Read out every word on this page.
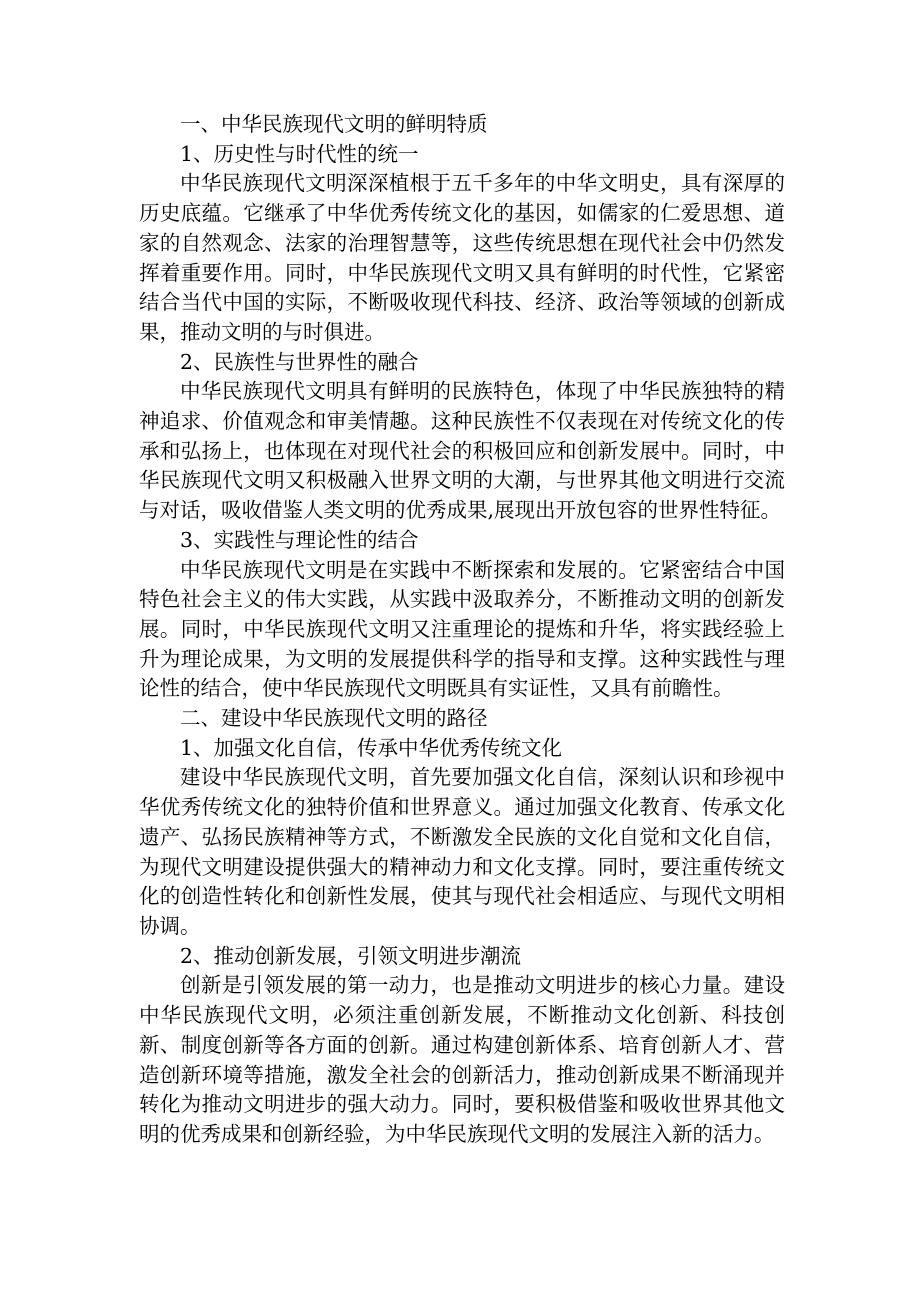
一、中华民族现代文明的鲜明特质

1、历史性与时代性的统一

中华民族现代文明深深植根于五千多年的中华文明史，具有深厚的历史底蕴。它继承了中华优秀传统文化的基因，如儒家的仁爱思想、道家的自然观念、法家的治理智慧等，这些传统思想在现代社会中仍然发挥着重要作用。同时，中华民族现代文明又具有鲜明的时代性，它紧密结合当代中国的实际，不断吸收现代科技、经济、政治等领域的创新成果，推动文明的与时俱进。

2、民族性与世界性的融合

中华民族现代文明具有鲜明的民族特色，体现了中华民族独特的精神追求、价值观念和审美情趣。这种民族性不仅表现在对传统文化的传承和弘扬上，也体现在对现代社会的积极回应和创新发展中。同时，中华民族现代文明又积极融入世界文明的大潮，与世界其他文明进行交流与对话，吸收借鉴人类文明的优秀成果,展现出开放包容的世界性特征。

3、实践性与理论性的结合

中华民族现代文明是在实践中不断探索和发展的。它紧密结合中国特色社会主义的伟大实践，从实践中汲取养分，不断推动文明的创新发展。同时，中华民族现代文明又注重理论的提炼和升华，将实践经验上升为理论成果，为文明的发展提供科学的指导和支撑。这种实践性与理论性的结合，使中华民族现代文明既具有实证性，又具有前瞻性。

二、建设中华民族现代文明的路径

1、加强文化自信，传承中华优秀传统文化

建设中华民族现代文明，首先要加强文化自信，深刻认识和珍视中华优秀传统文化的独特价值和世界意义。通过加强文化教育、传承文化遗产、弘扬民族精神等方式，不断激发全民族的文化自觉和文化自信，为现代文明建设提供强大的精神动力和文化支撑。同时，要注重传统文化的创造性转化和创新性发展，使其与现代社会相适应、与现代文明相协调。

2、推动创新发展，引领文明进步潮流

创新是引领发展的第一动力，也是推动文明进步的核心力量。建设中华民族现代文明，必须注重创新发展，不断推动文化创新、科技创新、制度创新等各方面的创新。通过构建创新体系、培育创新人才、营造创新环境等措施，激发全社会的创新活力，推动创新成果不断涌现并转化为推动文明进步的强大动力。同时，要积极借鉴和吸收世界其他文明的优秀成果和创新经验，为中华民族现代文明的发展注入新的活力。
